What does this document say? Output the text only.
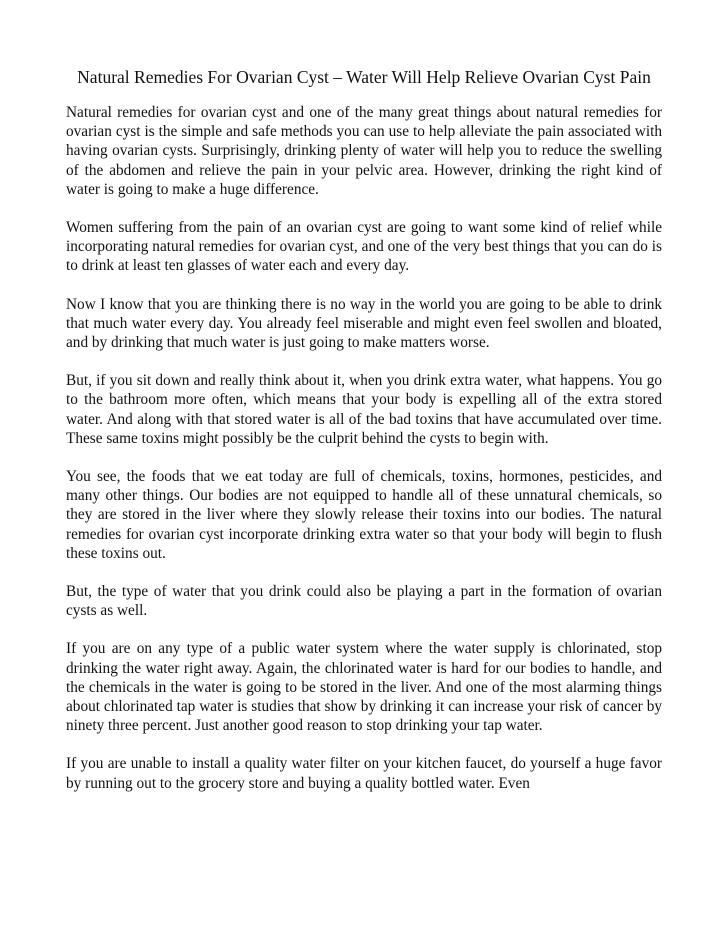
Natural Remedies For Ovarian Cyst – Water Will Help Relieve Ovarian Cyst Pain

Natural remedies for ovarian cyst and one of the many great things about natural remedies for ovarian cyst is the simple and safe methods you can use to help alleviate the pain associated with having ovarian cysts. Surprisingly, drinking plenty of water will help you to reduce the swelling of the abdomen and relieve the pain in your pelvic area. However, drinking the right kind of water is going to make a huge difference.

Women suffering from the pain of an ovarian cyst are going to want some kind of relief while incorporating natural remedies for ovarian cyst, and one of the very best things that you can do is to drink at least ten glasses of water each and every day.

Now I know that you are thinking there is no way in the world you are going to be able to drink that much water every day. You already feel miserable and might even feel swollen and bloated, and by drinking that much water is just going to make matters worse.

But, if you sit down and really think about it, when you drink extra water, what happens. You go to the bathroom more often, which means that your body is expelling all of the extra stored water. And along with that stored water is all of the bad toxins that have accumulated over time. These same toxins might possibly be the culprit behind the cysts to begin with.

You see, the foods that we eat today are full of chemicals, toxins, hormones, pesticides, and many other things. Our bodies are not equipped to handle all of these unnatural chemicals, so they are stored in the liver where they slowly release their toxins into our bodies. The natural remedies for ovarian cyst incorporate drinking extra water so that your body will begin to flush these toxins out.

But, the type of water that you drink could also be playing a part in the formation of ovarian cysts as well.

If you are on any type of a public water system where the water supply is chlorinated, stop drinking the water right away. Again, the chlorinated water is hard for our bodies to handle, and the chemicals in the water is going to be stored in the liver. And one of the most alarming things about chlorinated tap water is studies that show by drinking it can increase your risk of cancer by ninety three percent. Just another good reason to stop drinking your tap water.

If you are unable to install a quality water filter on your kitchen faucet, do yourself a huge favor by running out to the grocery store and buying a quality bottled water. Even
